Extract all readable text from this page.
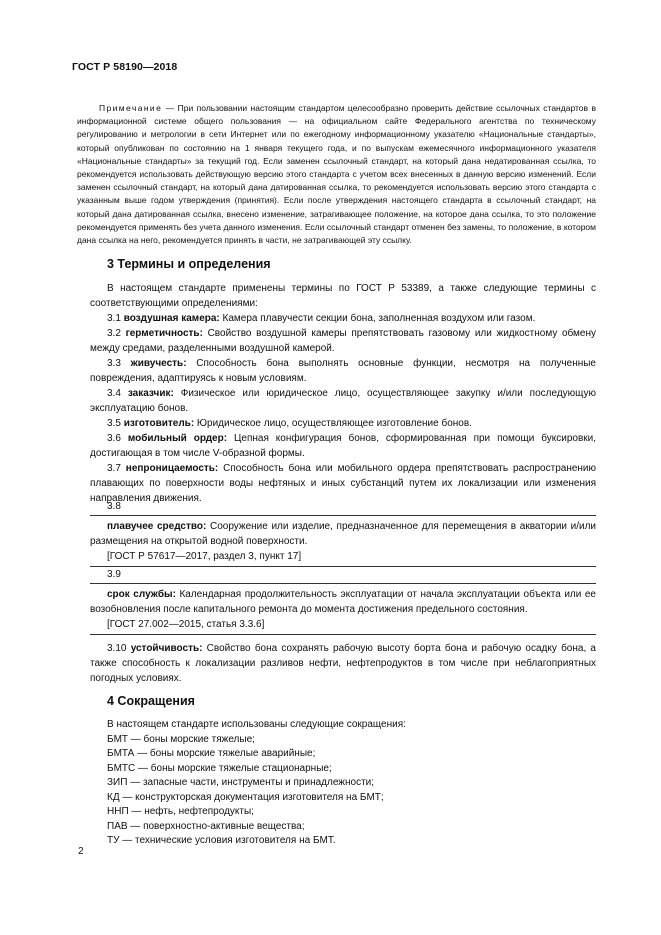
ГОСТ Р 58190—2018
Примечание — При пользовании настоящим стандартом целесообразно проверить действие ссылочных стандартов в информационной системе общего пользования — на официальном сайте Федерального агентства по техническому регулированию и метрологии в сети Интернет или по ежегодному информационному указателю «Национальные стандарты», который опубликован по состоянию на 1 января текущего года, и по выпускам ежемесячного информационного указателя «Национальные стандарты» за текущий год. Если заменен ссылочный стандарт, на который дана недатированная ссылка, то рекомендуется использовать действующую версию этого стандарта с учетом всех внесенных в данную версию изменений. Если заменен ссылочный стандарт, на который дана датированная ссылка, то рекомендуется использовать версию этого стандарта с указанным выше годом утверждения (принятия). Если после утверждения настоящего стандарта в ссылочный стандарт, на который дана датированная ссылка, внесено изменение, затрагивающее положение, на которое дана ссылка, то это положение рекомендуется применять без учета данного изменения. Если ссылочный стандарт отменен без замены, то положение, в котором дана ссылка на него, рекомендуется принять в части, не затрагивающей эту ссылку.
3 Термины и определения
В настоящем стандарте применены термины по ГОСТ Р 53389, а также следующие термины с соответствующими определениями:
3.1 воздушная камера: Камера плавучести секции бона, заполненная воздухом или газом.
3.2 герметичность: Свойство воздушной камеры препятствовать газовому или жидкостному обмену между средами, разделенными воздушной камерой.
3.3 живучесть: Способность бона выполнять основные функции, несмотря на полученные повреждения, адаптируясь к новым условиям.
3.4 заказчик: Физическое или юридическое лицо, осуществляющее закупку и/или последующую эксплуатацию бонов.
3.5 изготовитель: Юридическое лицо, осуществляющее изготовление бонов.
3.6 мобильный ордер: Цепная конфигурация бонов, сформированная при помощи буксировки, достигающая в том числе V-образной формы.
3.7 непроницаемость: Способность бона или мобильного ордера препятствовать распространению плавающих по поверхности воды нефтяных и иных субстанций путем их локализации или изменения направления движения.
3.8
плавучее средство: Сооружение или изделие, предназначенное для перемещения в акватории и/или размещения на открытой водной поверхности.
[ГОСТ Р 57617—2017, раздел 3, пункт 17]
3.9
срок службы: Календарная продолжительность эксплуатации от начала эксплуатации объекта или ее возобновления после капитального ремонта до момента достижения предельного состояния.
[ГОСТ 27.002—2015, статья 3.3.6]
3.10 устойчивость: Свойство бона сохранять рабочую высоту борта бона и рабочую осадку бона, а также способность к локализации разливов нефти, нефтепродуктов в том числе при неблагоприятных погодных условиях.
4 Сокращения
В настоящем стандарте использованы следующие сокращения:
БМТ — боны морские тяжелые;
БМТА — боны морские тяжелые аварийные;
БМТС — боны морские тяжелые стационарные;
ЗИП — запасные части, инструменты и принадлежности;
КД — конструкторская документация изготовителя на БМТ;
ННП — нефть, нефтепродукты;
ПАВ — поверхностно-активные вещества;
ТУ — технические условия изготовителя на БМТ.
2
